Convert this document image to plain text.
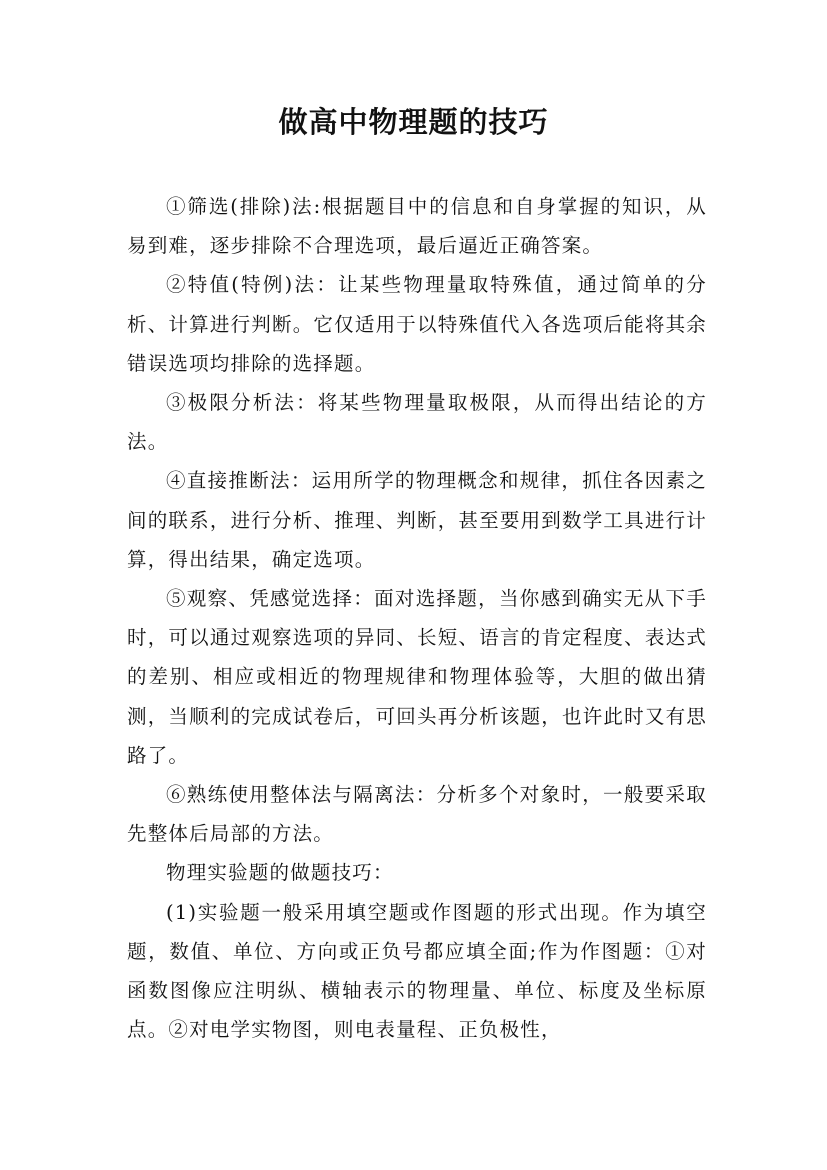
做高中物理题的技巧

①筛选(排除)法:根据题目中的信息和自身掌握的知识，从易到难，逐步排除不合理选项，最后逼近正确答案。

②特值(特例)法：让某些物理量取特殊值，通过简单的分析、计算进行判断。它仅适用于以特殊值代入各选项后能将其余错误选项均排除的选择题。

③极限分析法：将某些物理量取极限，从而得出结论的方法。

④直接推断法：运用所学的物理概念和规律，抓住各因素之间的联系，进行分析、推理、判断，甚至要用到数学工具进行计算，得出结果，确定选项。

⑤观察、凭感觉选择：面对选择题，当你感到确实无从下手时，可以通过观察选项的异同、长短、语言的肯定程度、表达式的差别、相应或相近的物理规律和物理体验等，大胆的做出猜测，当顺利的完成试卷后，可回头再分析该题，也许此时又有思路了。

⑥熟练使用整体法与隔离法：分析多个对象时，一般要采取先整体后局部的方法。

物理实验题的做题技巧：

(1)实验题一般采用填空题或作图题的形式出现。作为填空题，数值、单位、方向或正负号都应填全面;作为作图题：①对函数图像应注明纵、横轴表示的物理量、单位、标度及坐标原点。②对电学实物图，则电表量程、正负极性，
